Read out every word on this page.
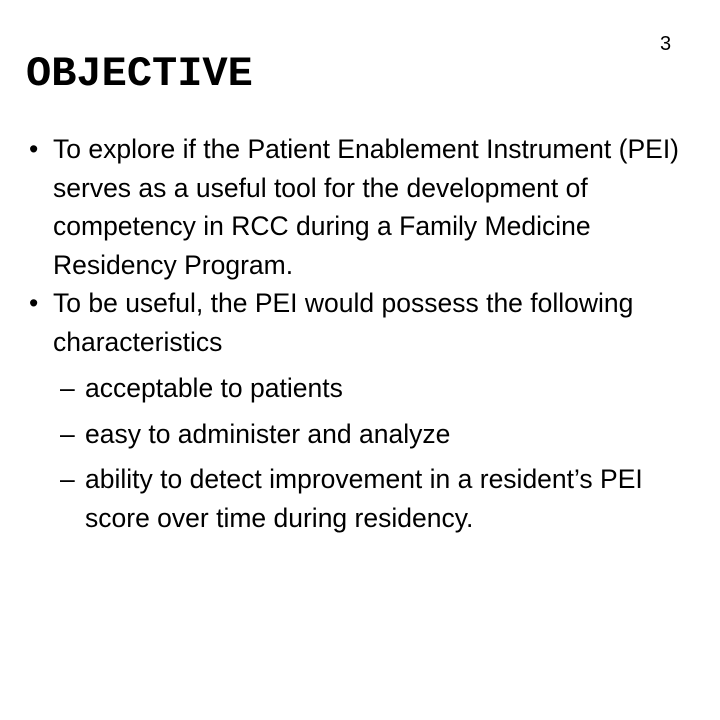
OBJECTIVE
3
• To explore if the Patient Enablement Instrument (PEI) serves as a useful tool for the development of competency in RCC during a Family Medicine Residency Program.
• To be useful, the PEI would possess the following characteristics
– acceptable to patients
– easy to administer and analyze
– ability to detect improvement in a resident’s PEI score over time during residency.
